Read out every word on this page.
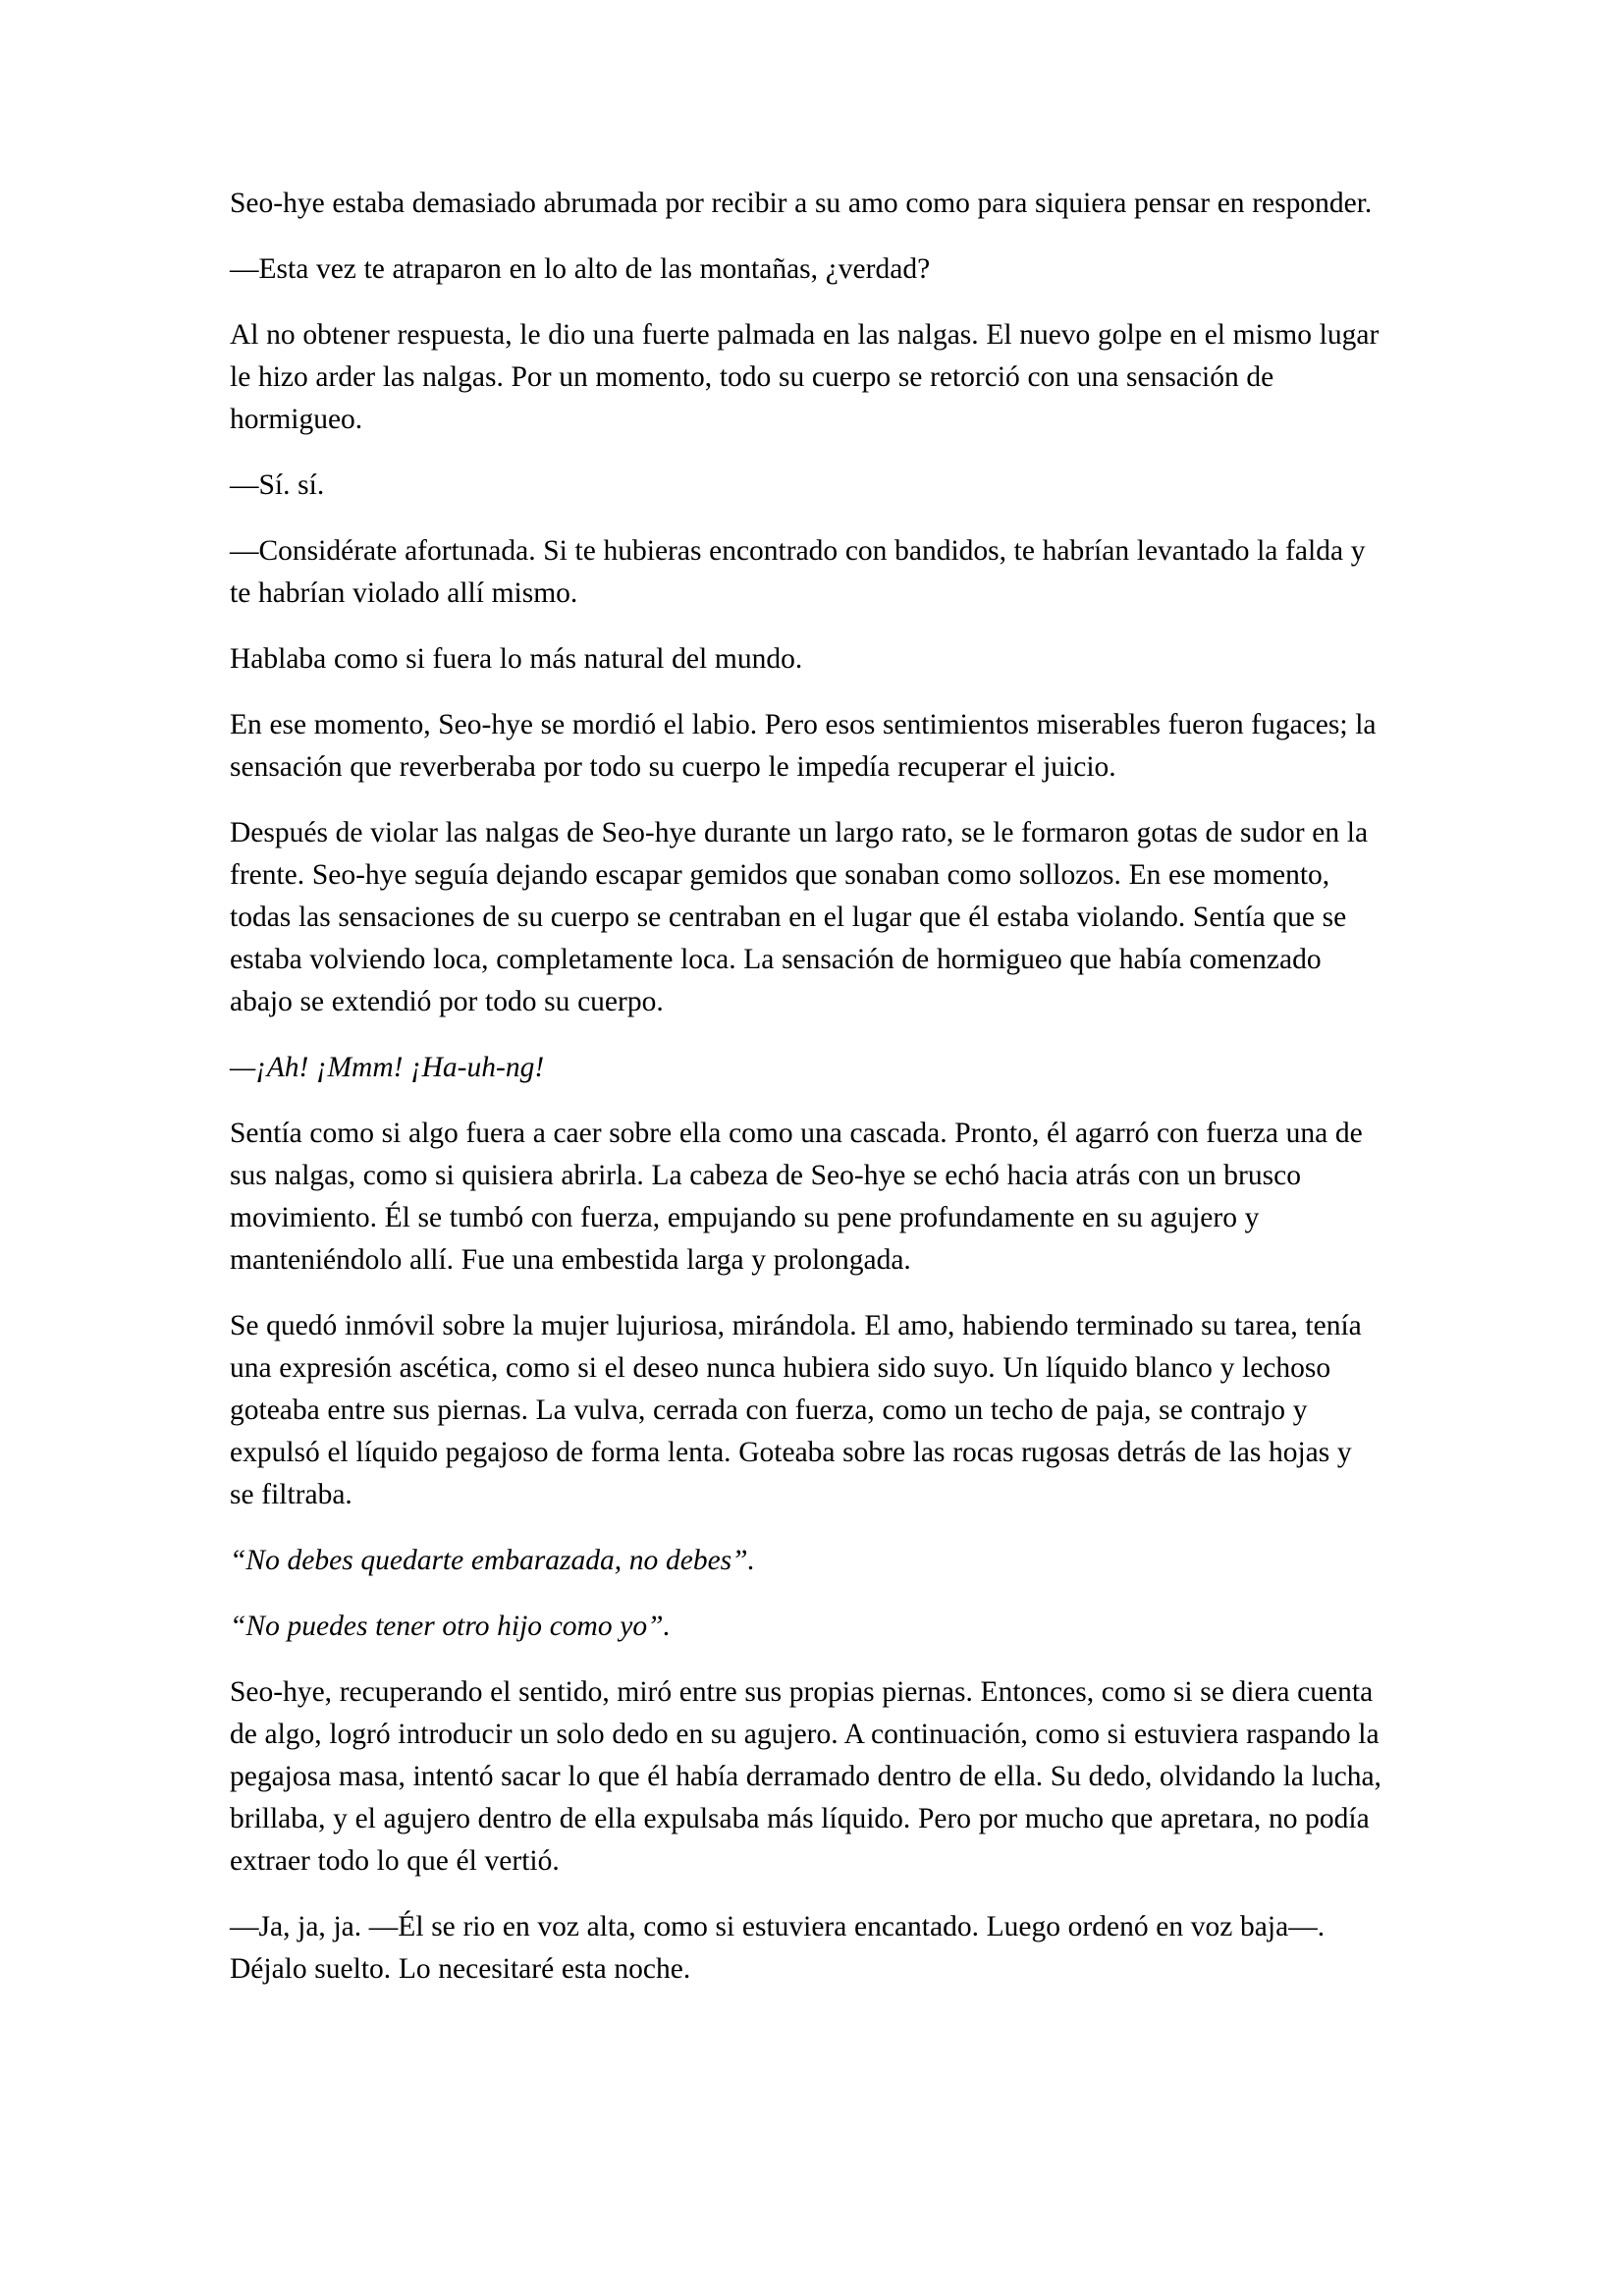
Seo-hye estaba demasiado abrumada por recibir a su amo como para siquiera pensar en responder.

—Esta vez te atraparon en lo alto de las montañas, ¿verdad?

Al no obtener respuesta, le dio una fuerte palmada en las nalgas. El nuevo golpe en el mismo lugar le hizo arder las nalgas. Por un momento, todo su cuerpo se retorció con una sensación de hormigueo.

—Sí. sí.

—Considérate afortunada. Si te hubieras encontrado con bandidos, te habrían levantado la falda y te habrían violado allí mismo.

Hablaba como si fuera lo más natural del mundo.

En ese momento, Seo-hye se mordió el labio. Pero esos sentimientos miserables fueron fugaces; la sensación que reverberaba por todo su cuerpo le impedía recuperar el juicio.

Después de violar las nalgas de Seo-hye durante un largo rato, se le formaron gotas de sudor en la frente. Seo-hye seguía dejando escapar gemidos que sonaban como sollozos. En ese momento, todas las sensaciones de su cuerpo se centraban en el lugar que él estaba violando. Sentía que se estaba volviendo loca, completamente loca. La sensación de hormigueo que había comenzado abajo se extendió por todo su cuerpo.

—¡Ah! ¡Mmm! ¡Ha-uh-ng!

Sentía como si algo fuera a caer sobre ella como una cascada. Pronto, él agarró con fuerza una de sus nalgas, como si quisiera abrirla. La cabeza de Seo-hye se echó hacia atrás con un brusco movimiento. Él se tumbó con fuerza, empujando su pene profundamente en su agujero y manteniéndolo allí. Fue una embestida larga y prolongada.

Se quedó inmóvil sobre la mujer lujuriosa, mirándola. El amo, habiendo terminado su tarea, tenía una expresión ascética, como si el deseo nunca hubiera sido suyo. Un líquido blanco y lechoso goteaba entre sus piernas. La vulva, cerrada con fuerza, como un techo de paja, se contrajo y expulsó el líquido pegajoso de forma lenta. Goteaba sobre las rocas rugosas detrás de las hojas y se filtraba.

“No debes quedarte embarazada, no debes”.

“No puedes tener otro hijo como yo”.

Seo-hye, recuperando el sentido, miró entre sus propias piernas. Entonces, como si se diera cuenta de algo, logró introducir un solo dedo en su agujero. A continuación, como si estuviera raspando la pegajosa masa, intentó sacar lo que él había derramado dentro de ella. Su dedo, olvidando la lucha, brillaba, y el agujero dentro de ella expulsaba más líquido. Pero por mucho que apretara, no podía extraer todo lo que él vertió.

—Ja, ja, ja. —Él se rio en voz alta, como si estuviera encantado. Luego ordenó en voz baja—. Déjalo suelto. Lo necesitaré esta noche.
